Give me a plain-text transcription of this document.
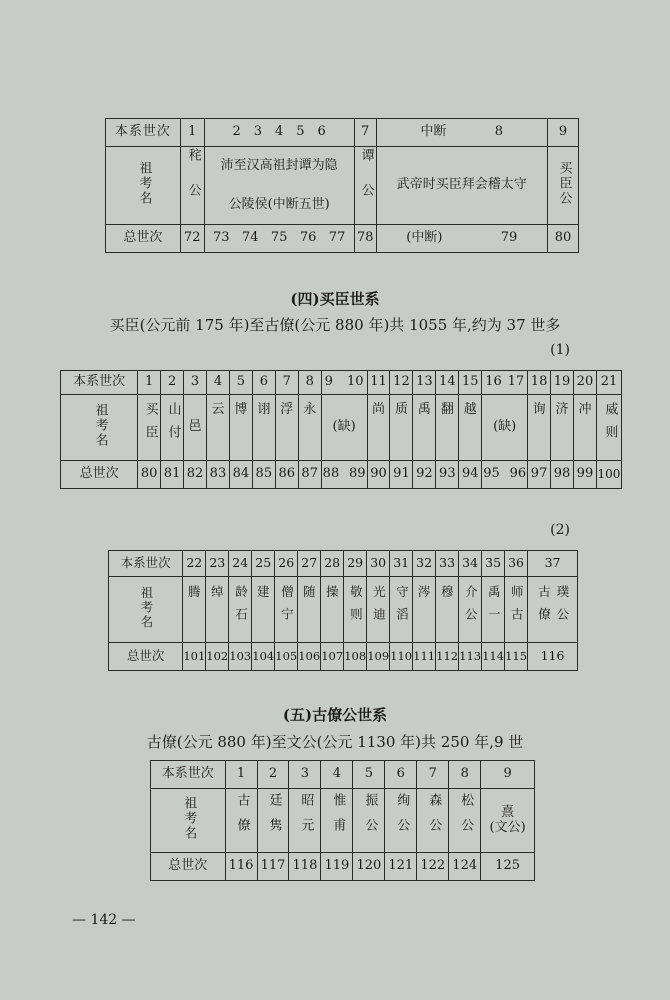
本系世次	1	2　3　4　5　6	7	中断 8	9
祖考名	秺公	沛至汉高祖封谭为隐
公陵侯(中断五世)	谭公	武帝时买臣拜会稽太守	买臣公
总世次	72	73 74 75 76 77	78	(中断) 79	80
(四)买臣世系
买臣(公元前 175 年)至古僚(公元 880 年)共 1055 年,约为 37 世多
(1)
本系世次	1	2	3	4	5	6	7	8	9 10	11	12	13	14	15	16 17	18	19	20	21
祖考名	买臣	山付	邑	云	博	诩	浮	永	(缺)	尚	质	禹	翻	越	(缺)	询	济	冲	威则
总世次	80	81	82	83	84	85	86	87	88 89	90	91	92	93	94	95 96	97	98	99	100
(2)
本系世次	22	23	24	25	26	27	28	29	30	31	32	33	34	35	36	37
祖考名	腾	绰	龄石	建	僧宁	随	操	敬则	光迪	守滔	涔	穆	介公	禹一	师古	古僚 璞公
总世次	101	102	103	104	105	106	107	108	109	110	111	112	113	114	115	116
(五)古僚公世系
古僚(公元 880 年)至文公(公元 1130 年)共 250 年,9 世
本系世次	1	2	3	4	5	6	7	8	9
祖考名	古僚	廷隽	昭元	惟甫	振公	绚公	森公	松公	熹
(文公)

总世次	116	117	118	119	120	121	122	124	125
— 142 —
